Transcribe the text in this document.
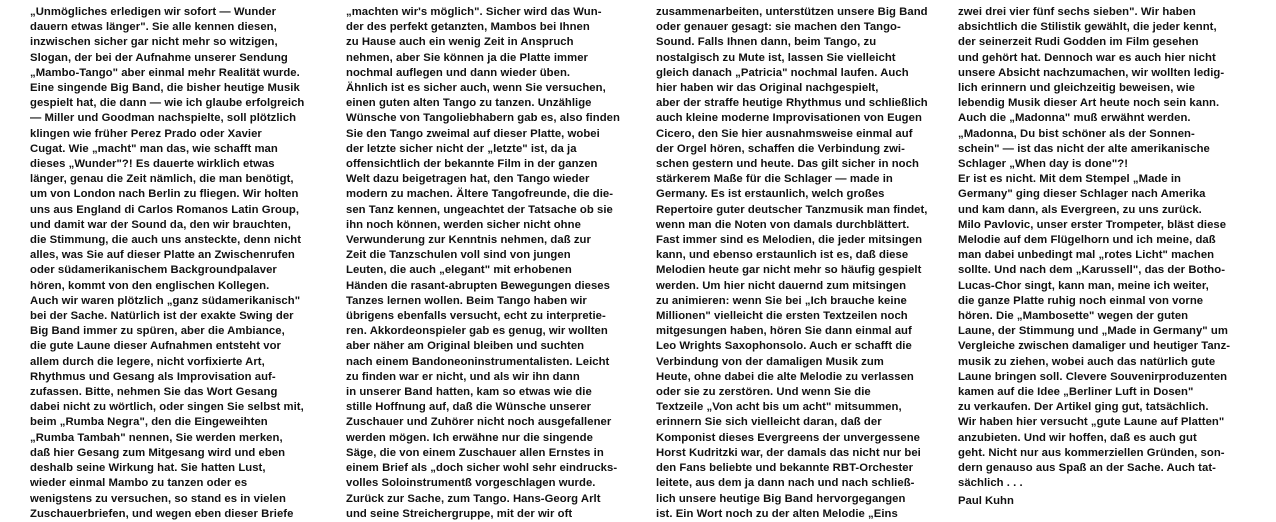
„Unmögliches erledigen wir sofort — Wunder
dauern etwas länger". Sie alle kennen diesen,
inzwischen sicher gar nicht mehr so witzigen,
Slogan, der bei der Aufnahme unserer Sendung
„Mambo-Tango" aber einmal mehr Realität wurde.
Eine singende Big Band, die bisher heutige Musik
gespielt hat, die dann — wie ich glaube erfolgreich
— Miller und Goodman nachspielte, soll plötzlich
klingen wie früher Perez Prado oder Xavier
Cugat. Wie „macht" man das, wie schafft man
dieses „Wunder"?! Es dauerte wirklich etwas
länger, genau die Zeit nämlich, die man benötigt,
um von London nach Berlin zu fliegen. Wir holten
uns aus England di Carlos Romanos Latin Group,
und damit war der Sound da, den wir brauchten,
die Stimmung, die auch uns ansteckte, denn nicht
alles, was Sie auf dieser Platte an Zwischenrufen
oder südamerikanischem Backgroundpalaver
hören, kommt von den englischen Kollegen.
Auch wir waren plötzlich „ganz südamerikanisch"
bei der Sache. Natürlich ist der exakte Swing der
Big Band immer zu spüren, aber die Ambiance,
die gute Laune dieser Aufnahmen entsteht vor
allem durch die legere, nicht vorfixierte Art,
Rhythmus und Gesang als Improvisation auf-
zufassen. Bitte, nehmen Sie das Wort Gesang
dabei nicht zu wörtlich, oder singen Sie selbst mit,
beim „Rumba Negra", den die Eingeweihten
„Rumba Tambah" nennen, Sie werden merken,
daß hier Gesang zum Mitgesang wird und eben
deshalb seine Wirkung hat. Sie hatten Lust,
wieder einmal Mambo zu tanzen oder es
wenigstens zu versuchen, so stand es in vielen
Zuschauerbriefen, und wegen eben dieser Briefe
„machten wir's möglich". Sicher wird das Wun-
der des perfekt getanzten, Mambos bei Ihnen
zu Hause auch ein wenig Zeit in Anspruch
nehmen, aber Sie können ja die Platte immer
nochmal auflegen und dann wieder üben.
Ähnlich ist es sicher auch, wenn Sie versuchen,
einen guten alten Tango zu tanzen. Unzählige
Wünsche von Tangoliebhabern gab es, also finden
Sie den Tango zweimal auf dieser Platte, wobei
der letzte sicher nicht der „letzte" ist, da ja
offensichtlich der bekannte Film in der ganzen
Welt dazu beigetragen hat, den Tango wieder
modern zu machen. Ältere Tangofreunde, die die-
sen Tanz kennen, ungeachtet der Tatsache ob sie
ihn noch können, werden sicher nicht ohne
Verwunderung zur Kenntnis nehmen, daß zur
Zeit die Tanzschulen voll sind von jungen
Leuten, die auch „elegant" mit erhobenen
Händen die rasant-abrupten Bewegungen dieses
Tanzes lernen wollen. Beim Tango haben wir
übrigens ebenfalls versucht, echt zu interpretie-
ren. Akkordeonspieler gab es genug, wir wollten
aber näher am Original bleiben und suchten
nach einem Bandoneoninstrumentalisten. Leicht
zu finden war er nicht, und als wir ihn dann
in unserer Band hatten, kam so etwas wie die
stille Hoffnung auf, daß die Wünsche unserer
Zuschauer und Zuhörer nicht noch ausgefallener
werden mögen. Ich erwähne nur die singende
Säge, die von einem Zuschauer allen Ernstes in
einem Brief als „doch sicher wohl sehr eindrucks-
volles Soloinstrumentß vorgeschlagen wurde.
Zurück zur Sache, zum Tango. Hans-Georg Arlt
und seine Streichergruppe, mit der wir oft
zusammenarbeiten, unterstützen unsere Big Band
oder genauer gesagt: sie machen den Tango-
Sound. Falls Ihnen dann, beim Tango, zu
nostalgisch zu Mute ist, lassen Sie vielleicht
gleich danach „Patricia" nochmal laufen. Auch
hier haben wir das Original nachgespielt,
aber der straffe heutige Rhythmus und schließlich
auch kleine moderne Improvisationen von Eugen
Cicero, den Sie hier ausnahmsweise einmal auf
der Orgel hören, schaffen die Verbindung zwi-
schen gestern und heute. Das gilt sicher in noch
stärkerem Maße für die Schlager — made in
Germany. Es ist erstaunlich, welch großes
Repertoire guter deutscher Tanzmusik man findet,
wenn man die Noten von damals durchblättert.
Fast immer sind es Melodien, die jeder mitsingen
kann, und ebenso erstaunlich ist es, daß diese
Melodien heute gar nicht mehr so häufig gespielt
werden. Um hier nicht dauernd zum mitsingen
zu animieren: wenn Sie bei „Ich brauche keine
Millionen" vielleicht die ersten Textzeilen noch
mitgesungen haben, hören Sie dann einmal auf
Leo Wrights Saxophonsolo. Auch er schafft die
Verbindung von der damaligen Musik zum
Heute, ohne dabei die alte Melodie zu verlassen
oder sie zu zerstören. Und wenn Sie die
Textzeile „Von acht bis um acht" mitsummen,
erinnern Sie sich vielleicht daran, daß der
Komponist dieses Evergreens der unvergessene
Horst Kudritzki war, der damals das nicht nur bei
den Fans beliebte und bekannte RBT-Orchester
leitete, aus dem ja dann nach und nach schließ-
lich unsere heutige Big Band hervorgegangen
ist. Ein Wort noch zu der alten Melodie „Eins
zwei drei vier fünf sechs sieben". Wir haben
absichtlich die Stilistik gewählt, die jeder kennt,
der seinerzeit Rudi Godden im Film gesehen
und gehört hat. Dennoch war es auch hier nicht
unsere Absicht nachzumachen, wir wollten ledig-
lich erinnern und gleichzeitig beweisen, wie
lebendig Musik dieser Art heute noch sein kann.
Auch die „Madonna" muß erwähnt werden.
„Madonna, Du bist schöner als der Sonnen-
schein" — ist das nicht der alte amerikanische
Schlager „When day is done"?!
Er ist es nicht. Mit dem Stempel „Made in
Germany" ging dieser Schlager nach Amerika
und kam dann, als Evergreen, zu uns zurück.
Milo Pavlovic, unser erster Trompeter, bläst diese
Melodie auf dem Flügelhorn und ich meine, daß
man dabei unbedingt mal „rotes Licht" machen
sollte. Und nach dem „Karussell", das der Botho-
Lucas-Chor singt, kann man, meine ich weiter,
die ganze Platte ruhig noch einmal von vorne
hören. Die „Mambosette" wegen der guten
Laune, der Stimmung und „Made in Germany" um
Vergleiche zwischen damaliger und heutiger Tanz-
musik zu ziehen, wobei auch das natürlich gute
Laune bringen soll. Clevere Souvenirproduzenten
kamen auf die Idee „Berliner Luft in Dosen"
zu verkaufen. Der Artikel ging gut, tatsächlich.
Wir haben hier versucht „gute Laune auf Platten"
anzubieten. Und wir hoffen, daß es auch gut
geht. Nicht nur aus kommerziellen Gründen, son-
dern genauso aus Spaß an der Sache. Auch tat-
sächlich . . .
Paul Kuhn
